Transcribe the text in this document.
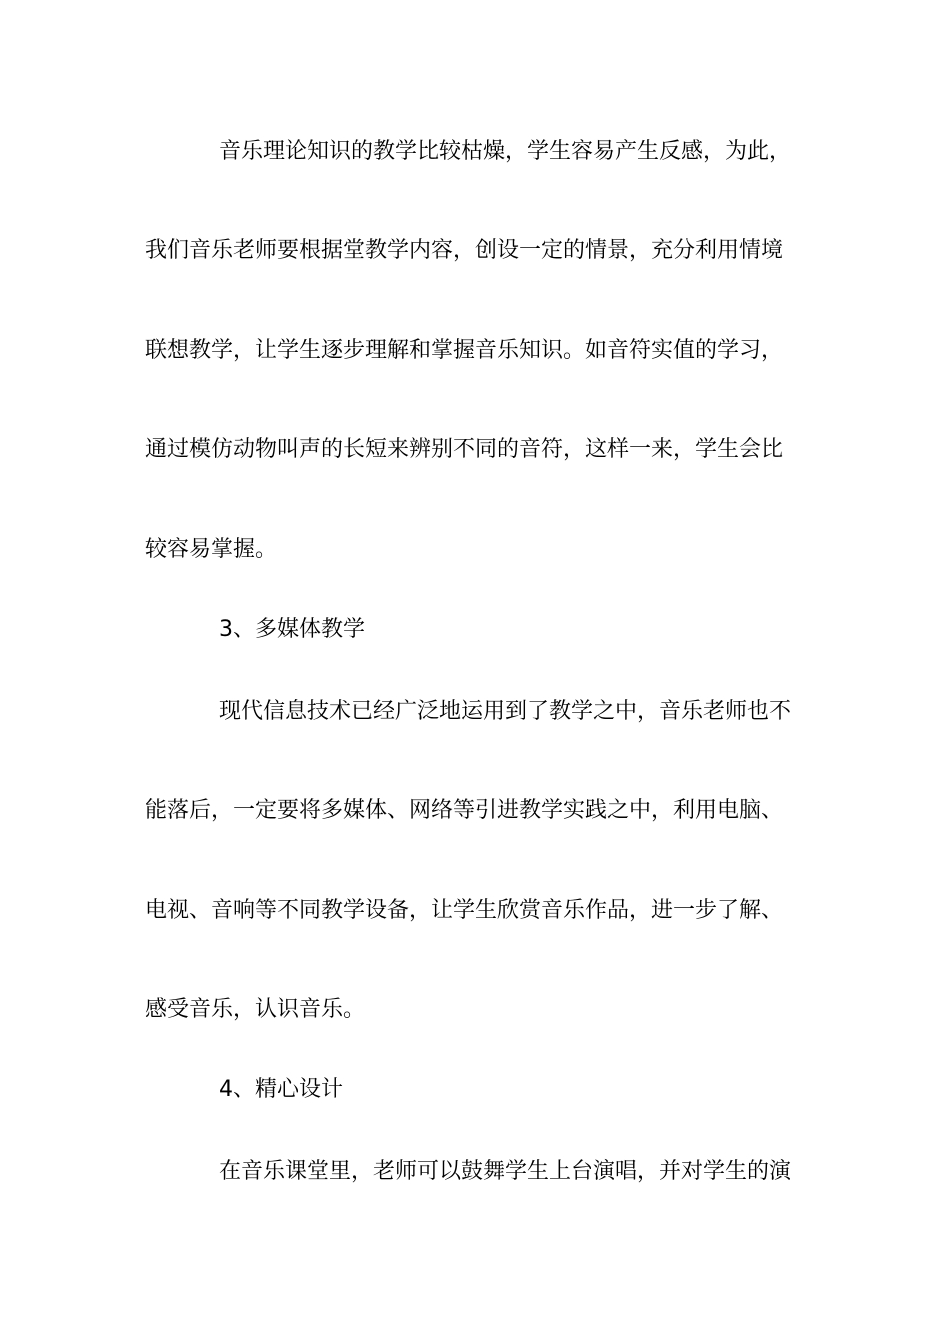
音乐理论知识的教学比较枯燥，学生容易产生反感，为此，
我们音乐老师要根据堂教学内容，创设一定的情景，充分利用情境
联想教学，让学生逐步理解和掌握音乐知识。如音符实值的学习，
通过模仿动物叫声的长短来辨别不同的音符，这样一来，学生会比
较容易掌握。
3、多媒体教学
现代信息技术已经广泛地运用到了教学之中，音乐老师也不
能落后，一定要将多媒体、网络等引进教学实践之中，利用电脑、
电视、音响等不同教学设备，让学生欣赏音乐作品，进一步了解、
感受音乐，认识音乐。
4、精心设计
在音乐课堂里，老师可以鼓舞学生上台演唱，并对学生的演
